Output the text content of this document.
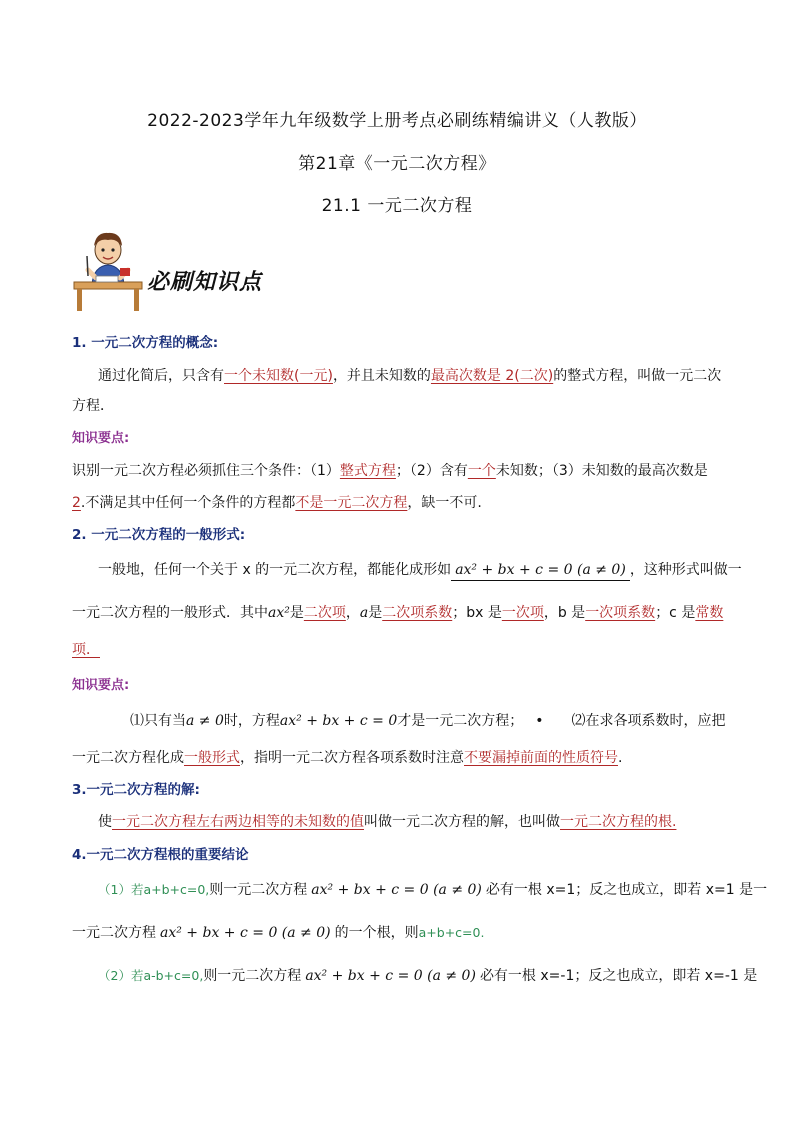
2022-2023学年九年级数学上册考点必刷练精编讲义（人教版）
第21章《一元二次方程》
21.1 一元二次方程
必刷知识点
1. 一元二次方程的概念:
通过化简后，只含有一个未知数(一元)，并且未知数的最高次数是 2(二次)的整式方程，叫做一元二次
方程．
知识要点:
识别一元二次方程必须抓住三个条件：（1）整式方程；（2）含有一个未知数；（3）未知数的最高次数是
2.不满足其中任何一个条件的方程都不是一元二次方程，缺一不可.
2. 一元二次方程的一般形式:
一般地，任何一个关于 x 的一元二次方程，都能化成形如 ax² + bx + c = 0 (a ≠ 0) ，这种形式叫做一
一元二次方程的一般形式．其中ax²是二次项，a是二次项系数；bx 是一次项，b 是一次项系数；c 是常数
项．
知识要点:
⑴只有当a ≠ 0时，方程ax² + bx + c = 0才是一元二次方程； • ⑵在求各项系数时，应把
一元二次方程化成一般形式，指明一元二次方程各项系数时注意不要漏掉前面的性质符号.
3.一元二次方程的解:
使一元二次方程左右两边相等的未知数的值叫做一元二次方程的解，也叫做一元二次方程的根.
4.一元二次方程根的重要结论
（1）若a+b+c=0,则一元二次方程 ax² + bx + c = 0 (a ≠ 0) 必有一根 x=1；反之也成立，即若 x=1 是一
一元二次方程 ax² + bx + c = 0 (a ≠ 0) 的一个根，则a+b+c=0.
（2）若a-b+c=0,则一元二次方程 ax² + bx + c = 0 (a ≠ 0) 必有一根 x=-1；反之也成立，即若 x=-1 是
